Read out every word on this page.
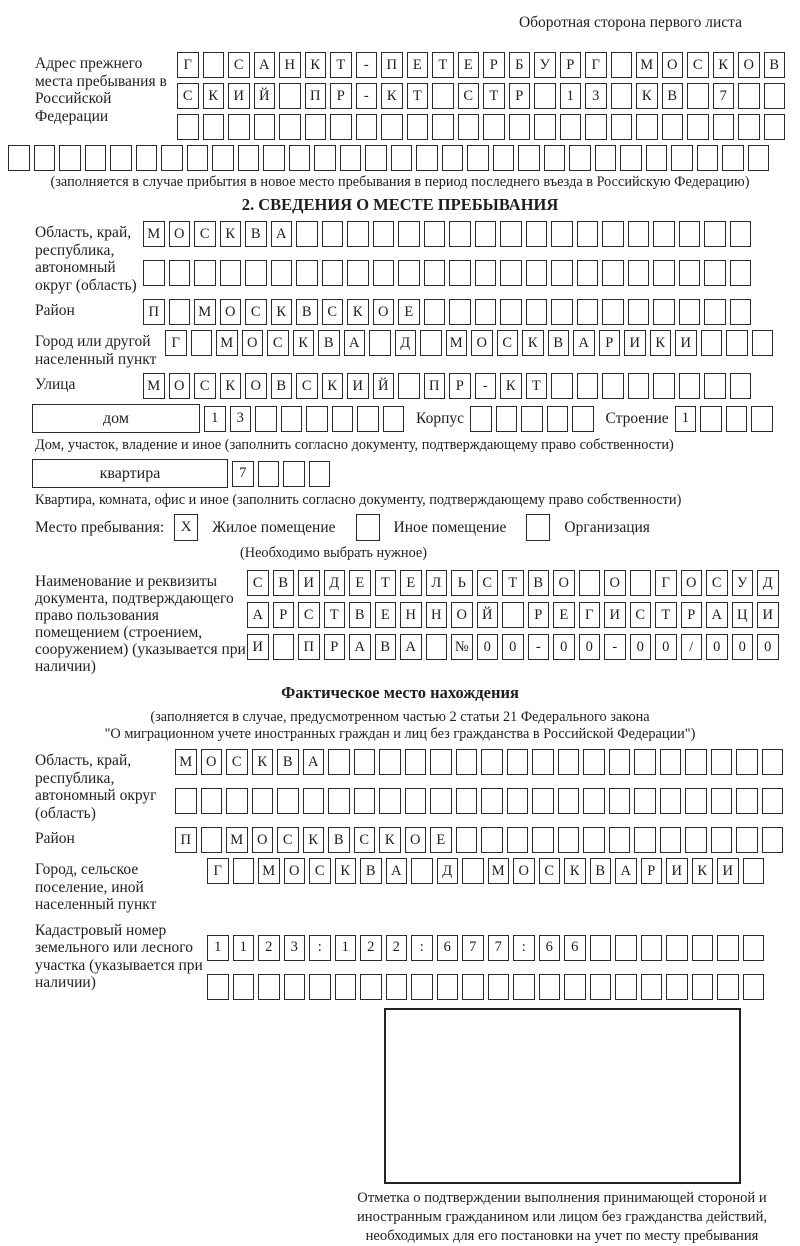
Оборотная сторона первого листа
Адрес прежнего места пребывания в Российской Федерации
Г	С А Н К Т - П Е Т Е Р Б У Р Г	М О С К О В
С К И Й	П Р - К Т	С Т Р	1 3	К В	7
(заполняется в случае прибытия в новое место пребывания в период последнего въезда в Российскую Федерацию)
2. СВЕДЕНИЯ О МЕСТЕ ПРЕБЫВАНИЯ
Область, край, республика, автономный округ (область)
М О С К В А
Район	П	М О С К В С К О Е
Город или другой населенный пункт
Г	М О С К В А	Д	М О С К В А Р И К И
Улица	М О С К О В С К И Й	П Р - К Т
дом	1 3	Корпус	Строение 1
Дом, участок, владение и иное (заполнить согласно документу, подтверждающему право собственности)
квартира	7
Квартира, комната, офис и иное (заполнить согласно документу, подтверждающему право собственности)
Место пребывания:	X	Жилое помещение	Иное помещение	Организация
(Необходимо выбрать нужное)
Наименование и реквизиты документа, подтверждающего право пользования помещением (строением, сооружением) (указывается при наличии)
С В И Д Е Т Е Л Ь С Т В О	О	Г О С У Д
А Р С Т В Е Н Н О Й	Р Е Г И С Т Р А Ц И
И	П Р А В А	№ 0 0 - 0 0 - 0 0 / 0 0 0
Фактическое место нахождения
(заполняется в случае, предусмотренном частью 2 статьи 21 Федерального закона
"О миграционном учете иностранных граждан и лиц без гражданства в Российской Федерации")
Область, край, республика, автономный округ (область)
М О С К В А
Район	П	М О С К В С К О Е
Город, сельское поселение, иной населенный пункт
Г	М О С К В А	Д	М О С К В А Р И К И
Кадастровый номер земельного или лесного участка (указывается при наличии)
1 1 2 3 : 1 2 2 : 6 7 7 : 6 6
Отметка о подтверждении выполнения принимающей стороной и иностранным гражданином или лицом без гражданства действий, необходимых для его постановки на учет по месту пребывания
